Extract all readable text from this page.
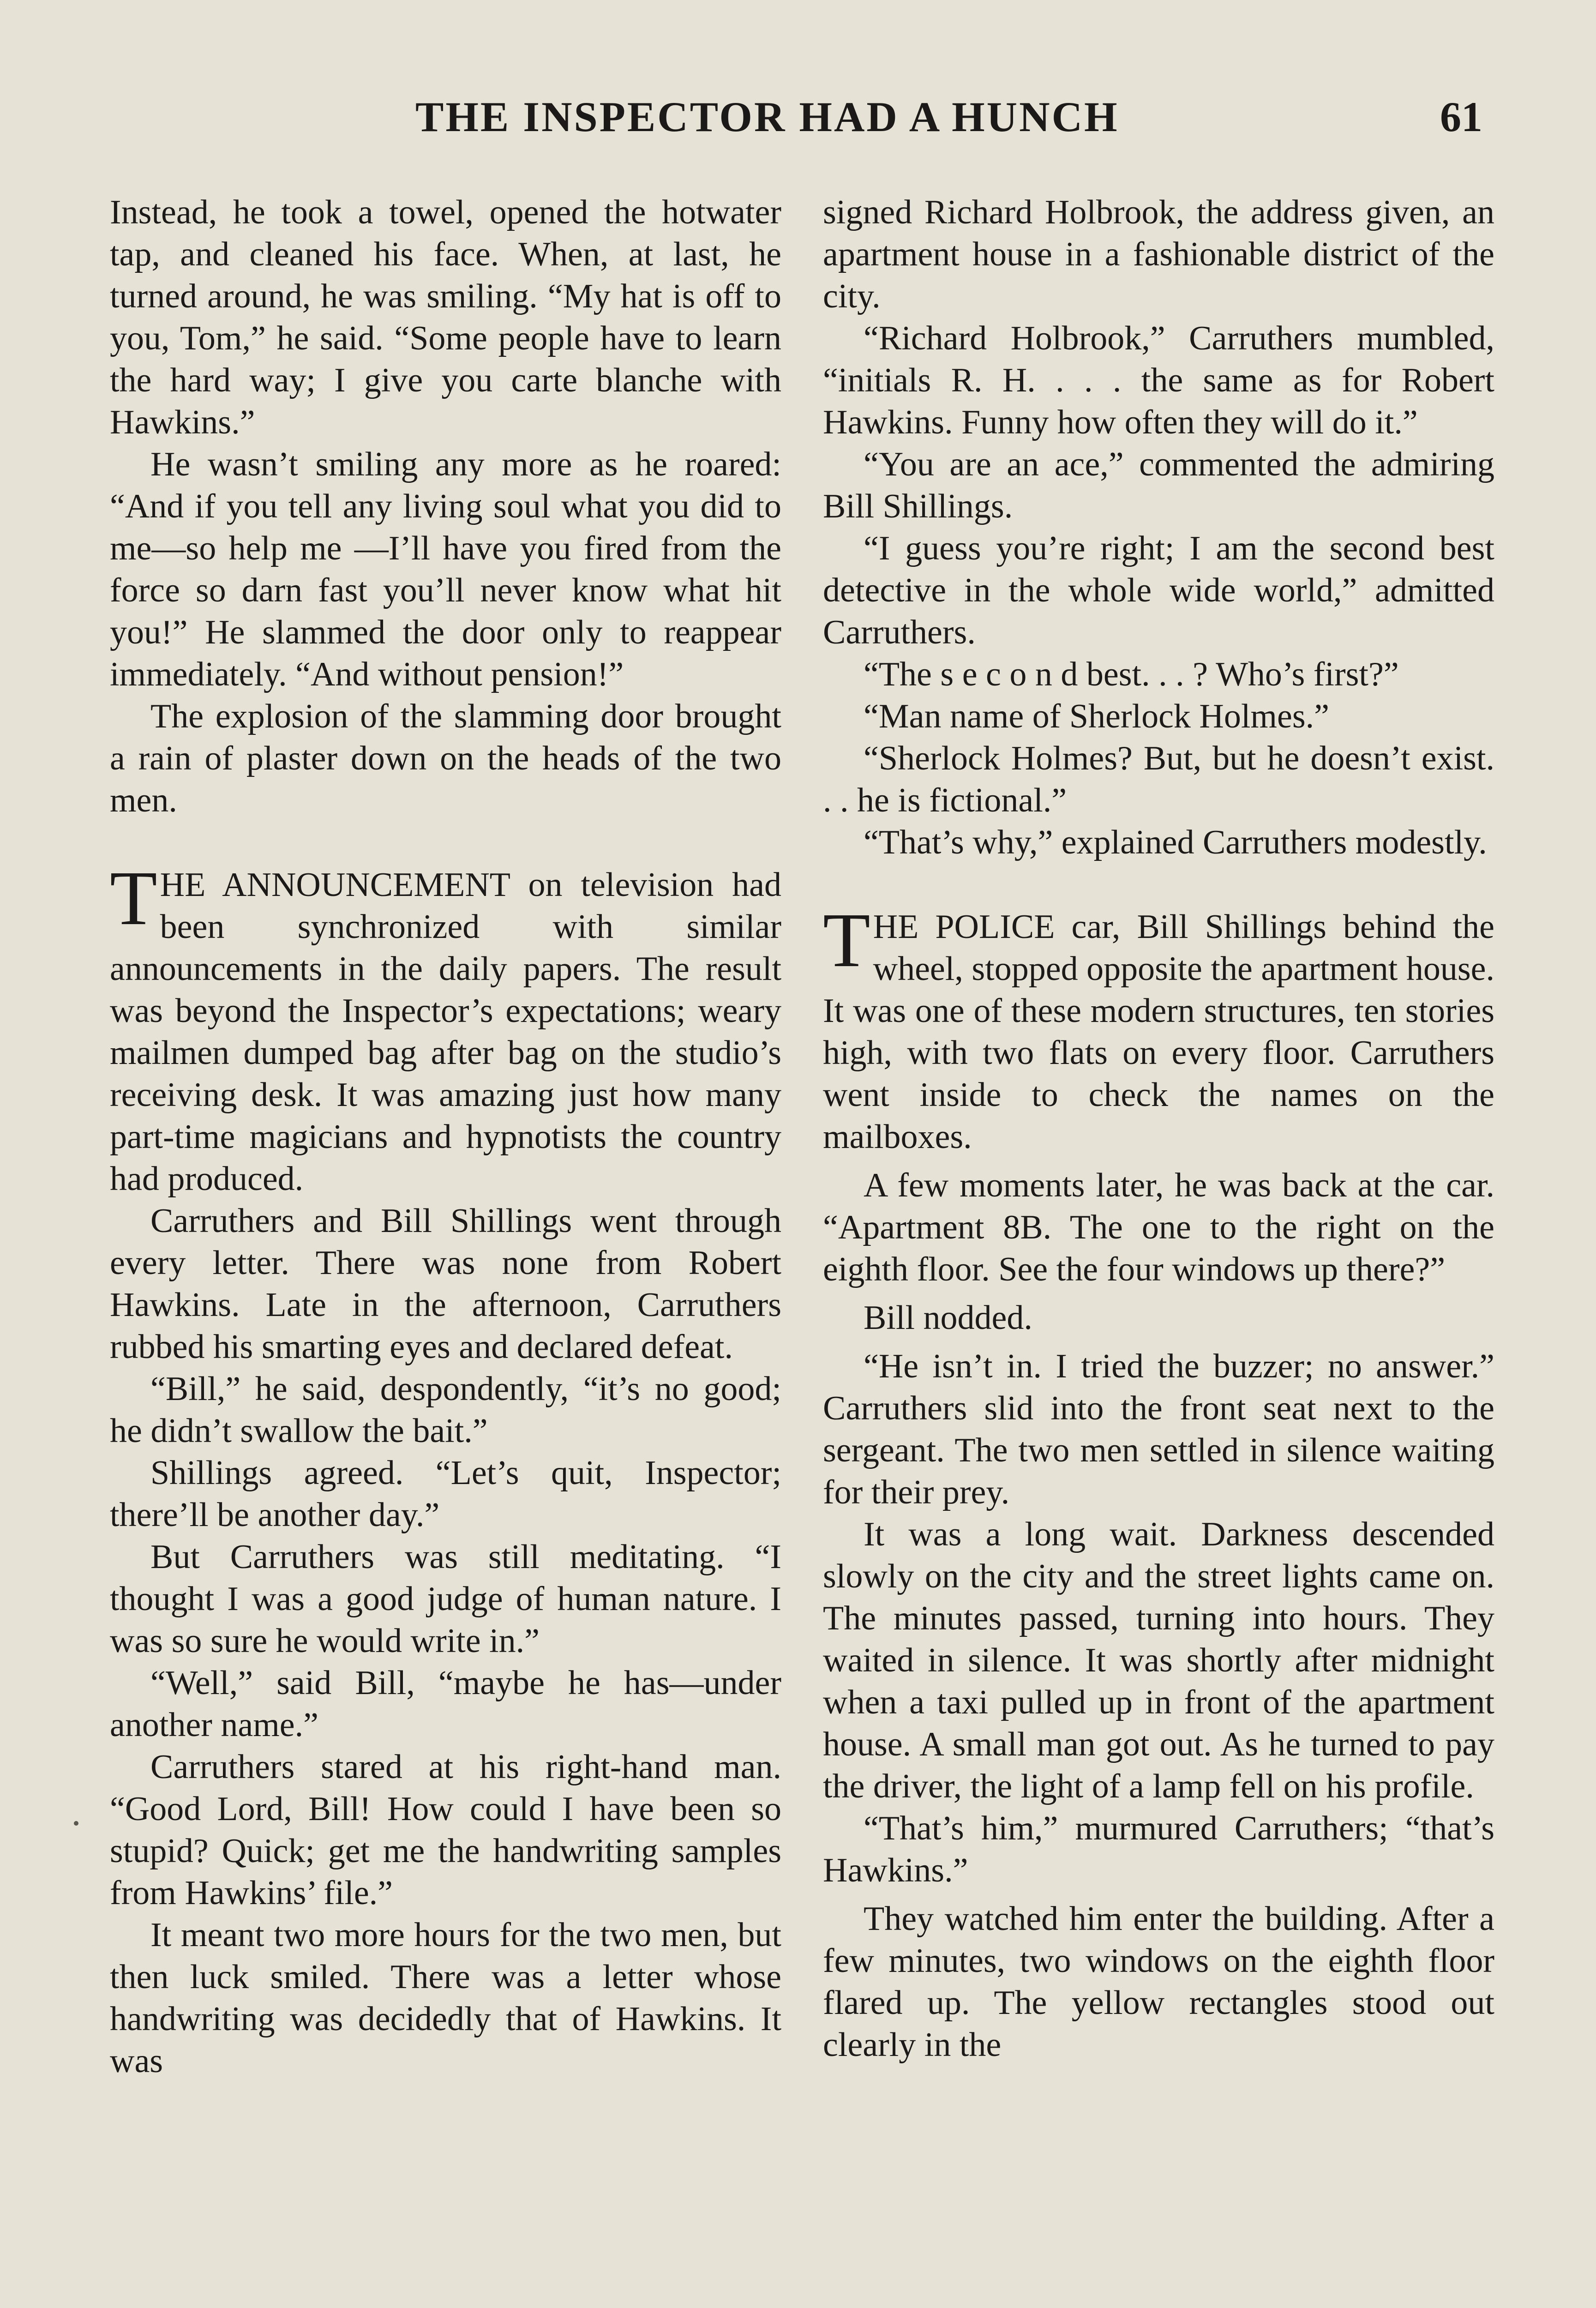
THE INSPECTOR HAD A HUNCH	61

Instead, he took a towel, opened the hotwater tap, and cleaned his face. When, at last, he turned around, he was smiling. “My hat is off to you, Tom,” he said. “Some people have to learn the hard way; I give you carte blanche with Hawkins.”

He wasn’t smiling any more as he roared: “And if you tell any living soul what you did to me—so help me —I’ll have you fired from the force so darn fast you’ll never know what hit you!” He slammed the door only to reappear immediately. “And without pension!”

The explosion of the slamming door brought a rain of plaster down on the heads of the two men.

THE ANNOUNCEMENT on television had been synchronized with similar announcements in the daily papers. The result was beyond the Inspector’s expectations; weary mailmen dumped bag after bag on the studio’s receiving desk. It was amazing just how many part-time magicians and hypnotists the country had produced.

Carruthers and Bill Shillings went through every letter. There was none from Robert Hawkins. Late in the afternoon, Carruthers rubbed his smarting eyes and declared defeat.

“Bill,” he said, despondently, “it’s no good; he didn’t swallow the bait.”

Shillings agreed. “Let’s quit, Inspector; there’ll be another day.”

But Carruthers was still meditating. “I thought I was a good judge of human nature. I was so sure he would write in.”

“Well,” said Bill, “maybe he has—under another name.”

Carruthers stared at his right-hand man. “Good Lord, Bill! How could I have been so stupid? Quick; get me the handwriting samples from Hawkins’ file.”

It meant two more hours for the two men, but then luck smiled. There was a letter whose handwriting was decidedly that of Hawkins. It was

signed Richard Holbrook, the address given, an apartment house in a fashionable district of the city.

“Richard Holbrook,” Carruthers mumbled, “initials R. H. . . . the same as for Robert Hawkins. Funny how often they will do it.”

“You are an ace,” commented the admiring Bill Shillings.

“I guess you’re right; I am the second best detective in the whole wide world,” admitted Carruthers.

“The s e c o n d best. . . ? Who’s first?”

“Man name of Sherlock Holmes.”

“Sherlock Holmes? But, but he doesn’t exist. . . he is fictional.”

“That’s why,” explained Carruthers modestly.

THE POLICE car, Bill Shillings behind the wheel, stopped opposite the apartment house. It was one of these modern structures, ten stories high, with two flats on every floor. Carruthers went inside to check the names on the mailboxes.

A few moments later, he was back at the car. “Apartment 8B. The one to the right on the eighth floor. See the four windows up there?”

Bill nodded.

“He isn’t in. I tried the buzzer; no answer.” Carruthers slid into the front seat next to the sergeant. The two men settled in silence waiting for their prey.

It was a long wait. Darkness descended slowly on the city and the street lights came on. The minutes passed, turning into hours. They waited in silence. It was shortly after midnight when a taxi pulled up in front of the apartment house. A small man got out. As he turned to pay the driver, the light of a lamp fell on his profile.

“That’s him,” murmured Carruthers; “that’s Hawkins.”

They watched him enter the building. After a few minutes, two windows on the eighth floor flared up. The yellow rectangles stood out clearly in the
